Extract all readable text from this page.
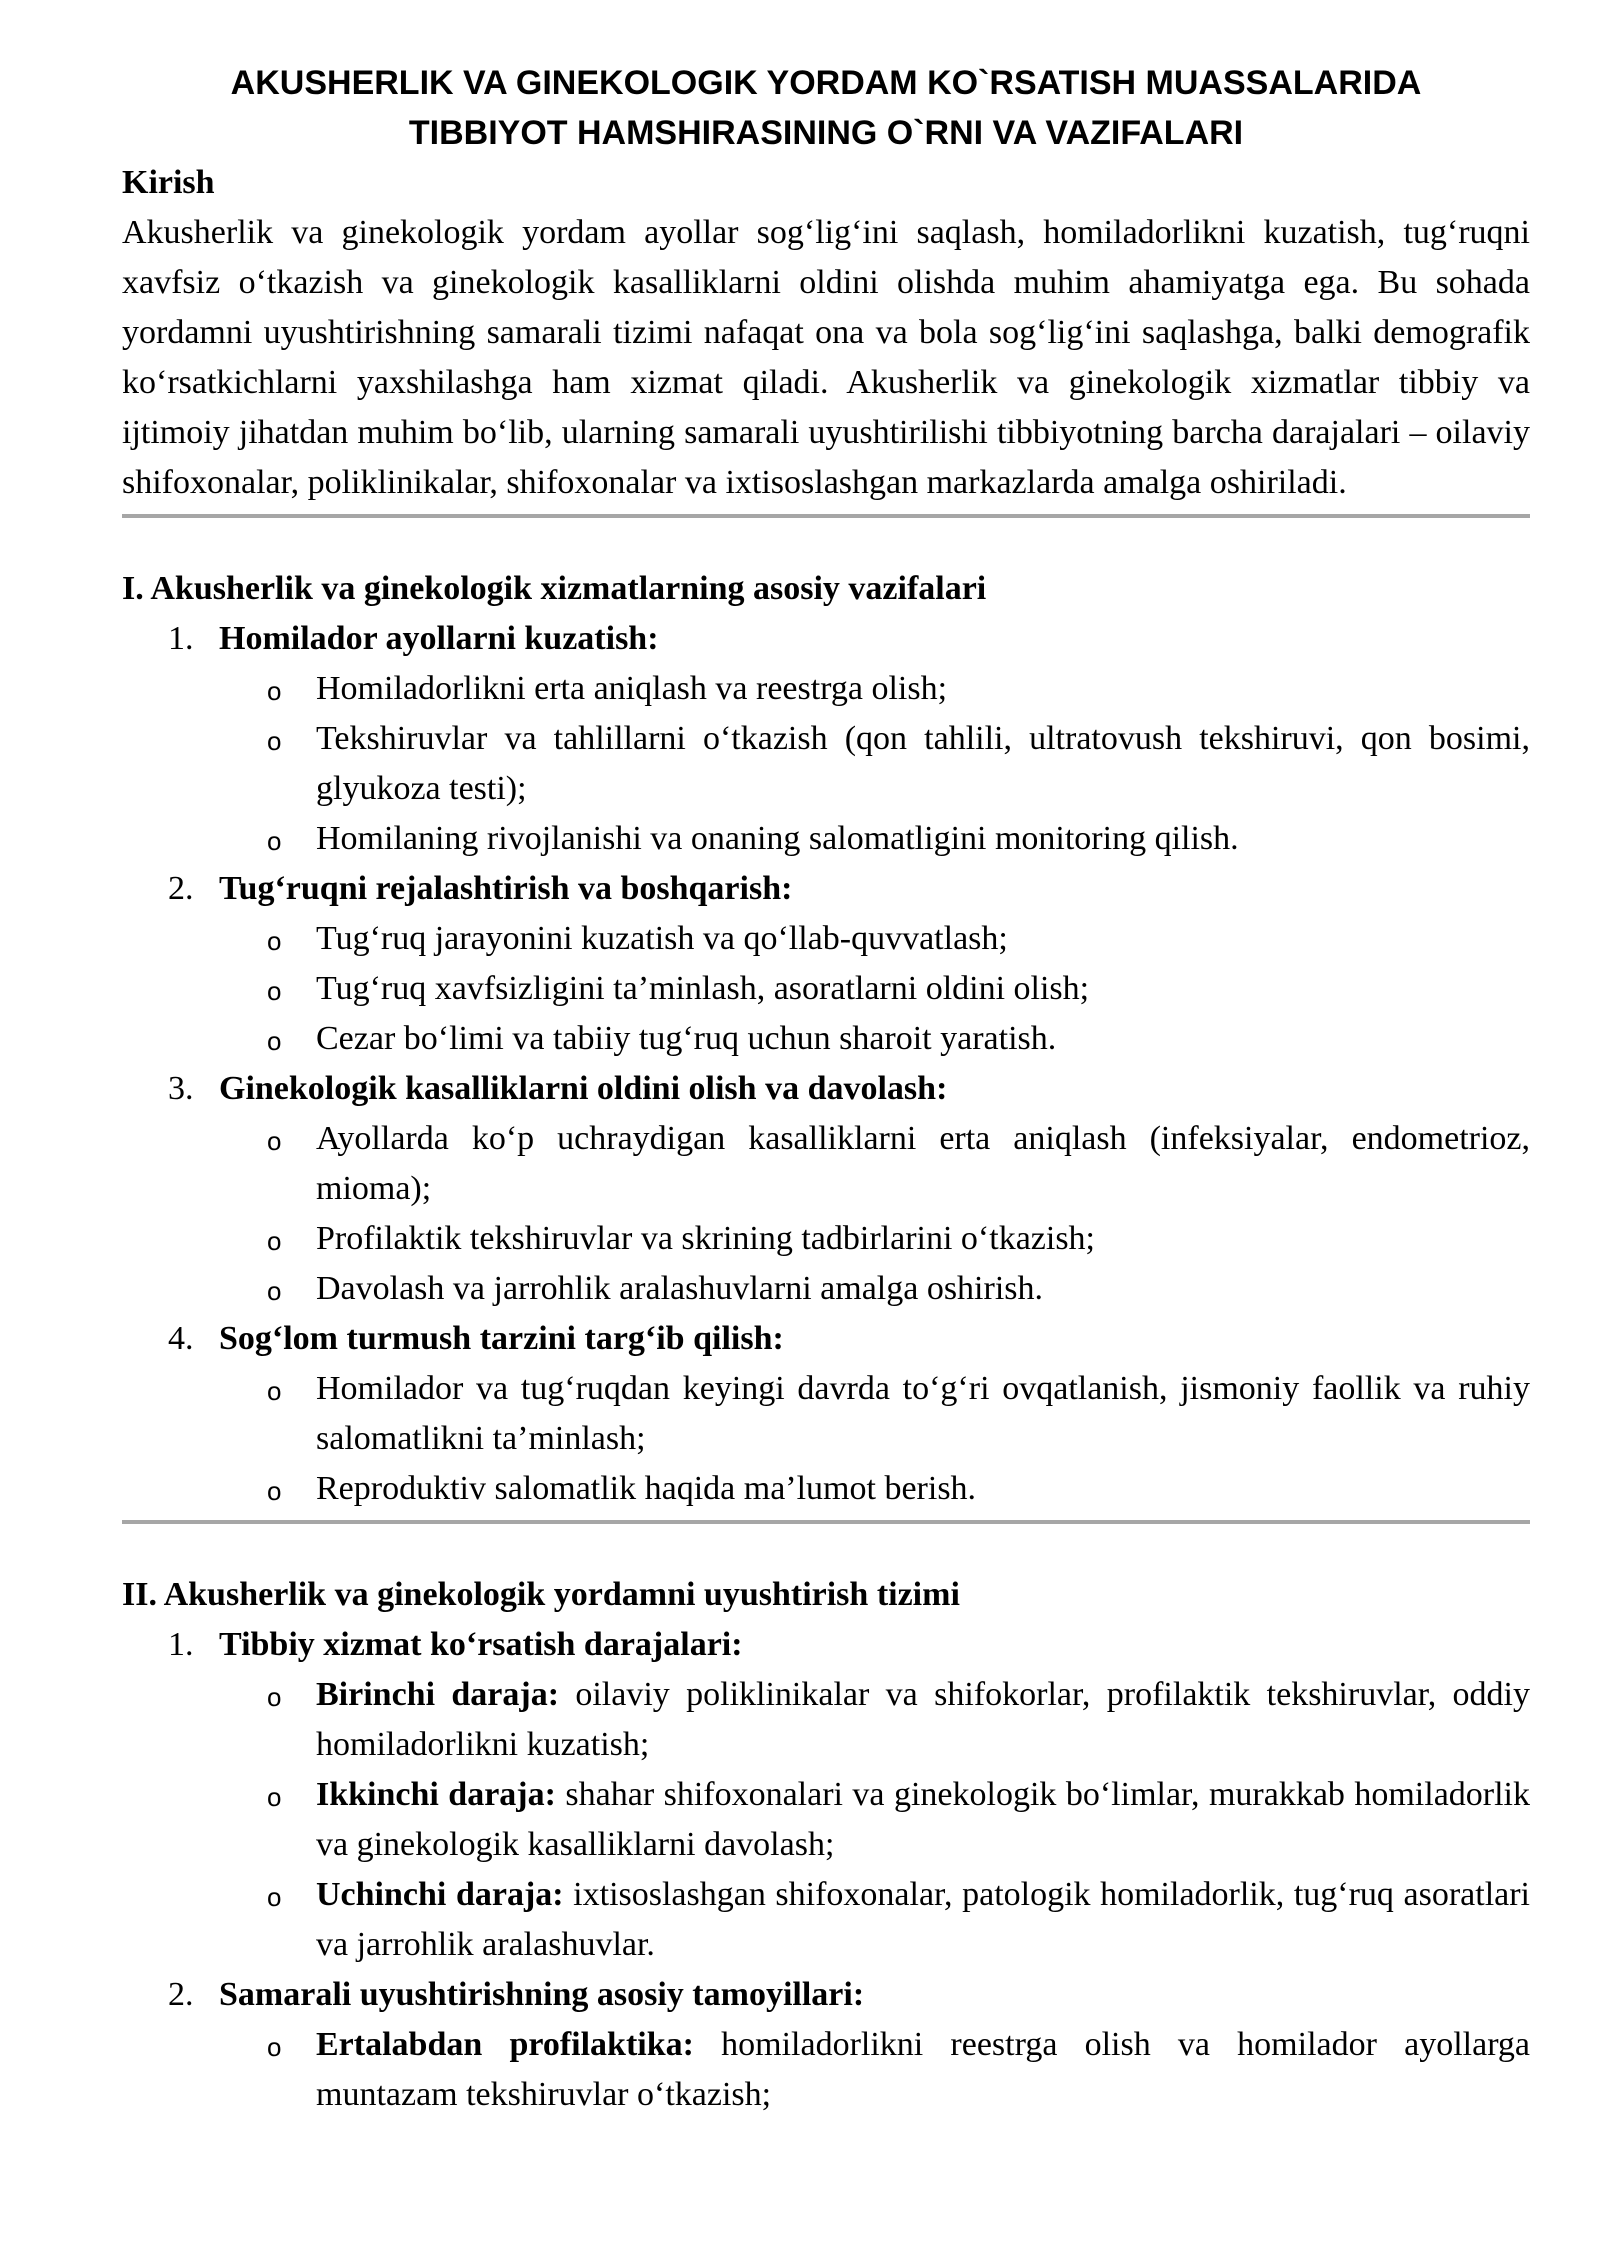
AKUSHERLIK VA GINEKOLOGIK YORDAM KO`RSATISH MUASSALARIDA
TIBBIYOT HAMSHIRASINING O`RNI VA VAZIFALARI
Kirish

Akusherlik va ginekologik yordam ayollar sog‘lig‘ini saqlash, homiladorlikni kuzatish, tug‘ruqni xavfsiz o‘tkazish va ginekologik kasalliklarni oldini olishda muhim ahamiyatga ega. Bu sohada yordamni uyushtirishning samarali tizimi nafaqat ona va bola sog‘lig‘ini saqlashga, balki demografik ko‘rsatkichlarni yaxshilashga ham xizmat qiladi. Akusherlik va ginekologik xizmatlar tibbiy va ijtimoiy jihatdan muhim bo‘lib, ularning samarali uyushtirilishi tibbiyotning barcha darajalari – oilaviy shifoxonalar, poliklinikalar, shifoxonalar va ixtisoslashgan markazlarda amalga oshiriladi.

I. Akusherlik va ginekologik xizmatlarning asosiy vazifalari
1. Homilador ayollarni kuzatish:
o Homiladorlikni erta aniqlash va reestrga olish;
o Tekshiruvlar va tahlillarni o‘tkazish (qon tahlili, ultratovush tekshiruvi, qon bosimi, glyukoza testi);
o Homilaning rivojlanishi va onaning salomatligini monitoring qilish.
2. Tug‘ruqni rejalashtirish va boshqarish:
o Tug‘ruq jarayonini kuzatish va qo‘llab-quvvatlash;
o Tug‘ruq xavfsizligini ta’minlash, asoratlarni oldini olish;
o Cezar bo‘limi va tabiiy tug‘ruq uchun sharoit yaratish.
3. Ginekologik kasalliklarni oldini olish va davolash:
o Ayollarda ko‘p uchraydigan kasalliklarni erta aniqlash (infeksiyalar, endometrioz, mioma);
o Profilaktik tekshiruvlar va skrining tadbirlarini o‘tkazish;
o Davolash va jarrohlik aralashuvlarni amalga oshirish.
4. Sog‘lom turmush tarzini targ‘ib qilish:
o Homilador va tug‘ruqdan keyingi davrda to‘g‘ri ovqatlanish, jismoniy faollik va ruhiy salomatlikni ta’minlash;
o Reproduktiv salomatlik haqida ma’lumot berish.
II. Akusherlik va ginekologik yordamni uyushtirish tizimi
1. Tibbiy xizmat ko‘rsatish darajalari:
o Birinchi daraja: oilaviy poliklinikalar va shifokorlar, profilaktik tekshiruvlar, oddiy homiladorlikni kuzatish;
o Ikkinchi daraja: shahar shifoxonalari va ginekologik bo‘limlar, murakkab homiladorlik va ginekologik kasalliklarni davolash;
o Uchinchi daraja: ixtisoslashgan shifoxonalar, patologik homiladorlik, tug‘ruq asoratlari va jarrohlik aralashuvlar.
2. Samarali uyushtirishning asosiy tamoyillari:
o Ertalabdan profilaktika: homiladorlikni reestrga olish va homilador ayollarga muntazam tekshiruvlar o‘tkazish;
